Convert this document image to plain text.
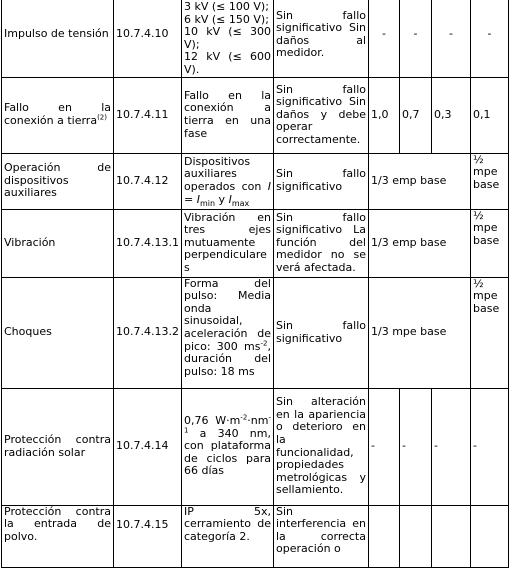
Impulso de tensión	10.7.4.10	3 kV (≤ 100 V);
6 kV (≤ 150 V);
10 kV (≤ 300 V);
12 kV (≤ 600 V).	Sin fallo significativo Sin daños al medidor.	-	-	-	-
Fallo en la conexión a tierra$^{(2)}$	10.7.4.11	Fallo en la conexión a tierra en una fase	Sin fallo significativo Sin daños y debe operar correctamente.	1,0	0,7	0,3	0,1
Operación de dispositivos auxiliares	10.7.4.12	Dispositivos auxiliares operados con $I = I_{min}$ y $I_{max}$	Sin fallo significativo	1/3 emp base			½ mpe base
Vibración	10.7.4.13.1	Vibración en tres ejes mutuamente perpendiculares	Sin fallo significativo La función del medidor no se verá afectada.	1/3 emp base			½ mpe base
Choques	10.7.4.13.2	Forma del pulso: Media onda sinusoidal, aceleración de pico: 300 $ms^{-2}$, duración del pulso: 18 ms	Sin fallo significativo	1/3 mpe base			½ mpe base
Protección contra radiación solar	10.7.4.14	0,76 $W\cdot m^{-2}\cdot nm^{-1}$ a 340 nm, con plataforma de ciclos para 66 días	Sin alteración en la apariencia o deterioro en la funcionalidad, propiedades metrológicas y sellamiento.	-	-	-	-
Protección contra la entrada de polvo.	10.7.4.15	IP 5x, cerramiento de categoría 2.	Sin interferencia en la correcta operación o				
